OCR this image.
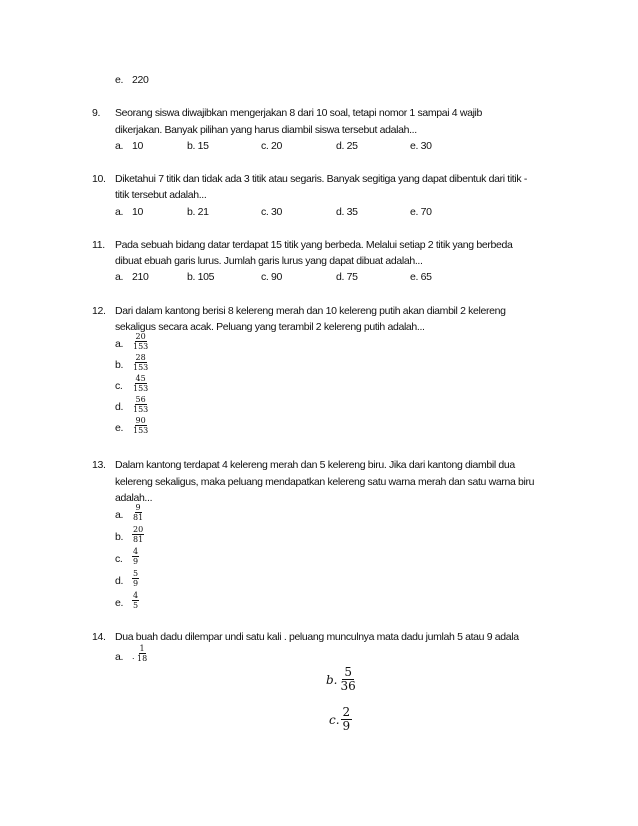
e. 220
9. Seorang siswa diwajibkan mengerjakan 8 dari 10 soal, tetapi nomor 1 sampai 4 wajib
dikerjakan. Banyak pilihan yang harus diambil siswa tersebut adalah...
a. 10	b. 15	c. 20	d. 25	e. 30
10. Diketahui 7 titik dan tidak ada 3 titik atau segaris. Banyak segitiga yang dapat dibentuk dari titik -
titik tersebut adalah...
a. 10	b. 21	c. 30	d. 35	e. 70
11. Pada sebuah bidang datar terdapat 15 titik yang berbeda. Melalui setiap 2 titik yang berbeda
dibuat ebuah garis lurus. Jumlah garis lurus yang dapat dibuat adalah...
a. 210	b. 105	c. 90	d. 75	e. 65
12. Dari dalam kantong berisi 8 kelereng merah dan 10 kelereng putih akan diambil 2 kelereng
sekaligus secara acak. Peluang yang terambil 2 kelereng putih adalah...
a. $\frac{20}{153}$
b. $\frac{28}{153}$
c. $\frac{45}{153}$
d. $\frac{56}{153}$
e. $\frac{90}{153}$
13. Dalam kantong terdapat 4 kelereng merah dan 5 kelereng biru. Jika dari kantong diambil dua
kelereng sekaligus, maka peluang mendapatkan kelereng satu warna merah dan satu warna biru
adalah...
a. $\frac{9}{81}$
b. $\frac{20}{81}$
c. $\frac{4}{9}$
d. $\frac{5}{9}$
e. $\frac{4}{5}$
14. Dua buah dadu dilempar undi satu kali . peluang munculnya mata dadu jumlah 5 atau 9 adala
a. . $\frac{1}{18}$
b. $\frac{5}{36}$
c. $\frac{2}{9}$
